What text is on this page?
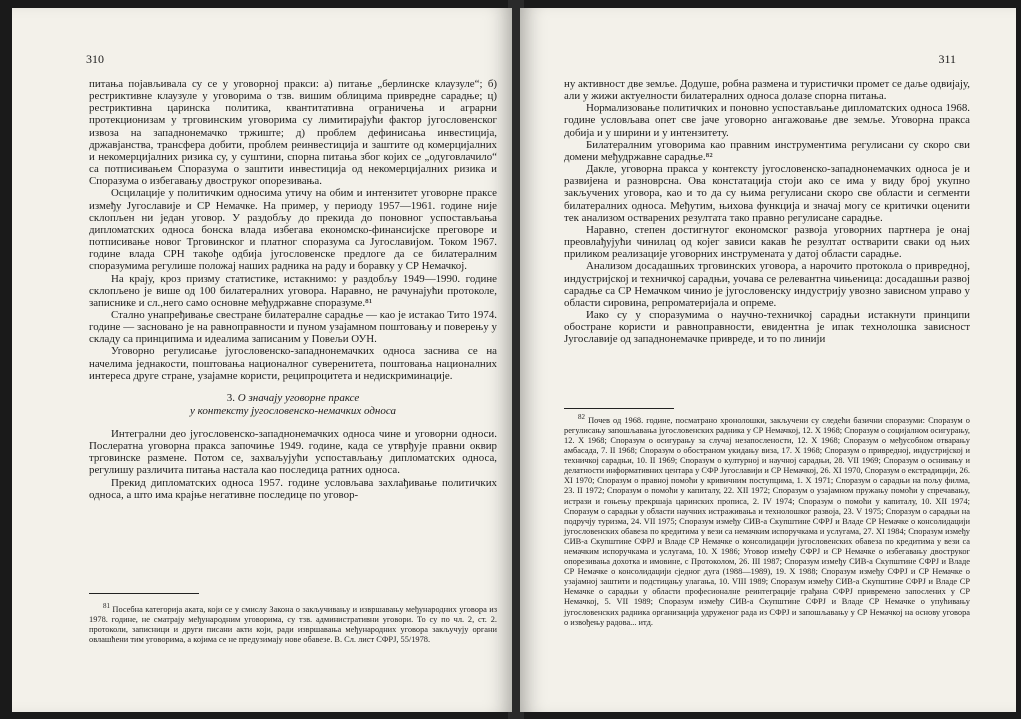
310

питања појављивала су се у уговорној пракси: а) питање „берлинске клаузуле“; б) рестриктивне клаузуле у уговорима о тзв. вишим облицима привредне сарадње; ц) рестриктивна царинска политика, квантитативна ограничења и аграрни протекционизам у трговинским уговорима су лимитирајући фактор југословенског извоза на западнонемачко тржиште; д) проблем дефинисања инвестиција, државјанства, трансфера добити, проблем реинвестиција и заштите од комерцијалних и некомерцијалних ризика су, у суштини, спорна питања због којих се „одуговлачило“ са потписивањем Споразума о заштити инвестиција од некомерцијалних ризика и Споразума о избегавању двоструког опорезивања.

Осцилације у политичким односима утичу на обим и интензитет уговорне праксе између Југославије и СР Немачке. На пример, у периоду 1957—1961. године није склопљен ни један уговор. У раздобљу до прекида до поновног успостављања дипломатских односа бонска влада избегава економско-финансијске преговоре и потписивање новог Трговинског и платног споразума са Југославијом. Током 1967. године влада СРН такође одбија југословенске предлоге да се билатералним споразумима регулише положај наших радника на раду и боравку у СР Немачкој.

На крају, кроз призму статистике, истакнимо: у раздобљу 1949—1990. године склопљено је више од 100 билатералних уговора. Наравно, не рачунајући протоколе, записнике и сл.,него само основне међудржавне споразуме.⁸¹

Стално унапређивање свестране билатералне сарадње — као је истакао Тито 1974. године — засновано је на равноправности и пуном узајамном поштовању и поверењу у складу са принципима и идеалима записаним у Повељи ОУН.

Уговорно регулисање југословенско-западнонемачких односа заснива се на начелима једнакости, поштовања националног суверенитета, поштовања националних интереса друге стране, узајамне користи, реципроцитета и недискриминације.

3. О значају уговорне праксе
у контексту југословенско-немачких односа

Интегрални део југословенско-западнонемачких односа чине и уговорни односи. Послератна уговорна пракса започиње 1949. године, када се утврђује правни оквир трговинске размене. Потом се, захваљујући успостављању дипломатских односа, регулишу различита питања настала као последица ратних односа.

Прекид дипломатских односа 1957. године условљава захлађивање политичких односа, а што има крајње негативне последице по уговор-

$^{81}$ Посебна категорија аката, који се у смислу Закона о закључивању и извршавању међународних уговора из 1978. године, не сматрају међународним уговорима, су тзв. административни уговори. То су по чл. 2, ст. 2. протоколи, записници и други писани акти који, ради извршавања међународних уговора закључују органи овлашћени тим уговорима, а којима се не предузимају нове обавезе. В. Сл. лист СФРЈ, 55/1978.

311

ну активност две земље. Додуше, робна размена и туристички промет се даље одвијају, али у жижи актуелности билатералних односа долазе спорна питања.

Нормализовање политичких и поновно успостављање дипломатских односа 1968. године условљава опет све јаче уговорно ангажовање две земље. Уговорна пракса добија и у ширини и у интензитету.

Билатералним уговорима као правним инструментима регулисани су скоро сви домени међудржавне сарадње.⁸²

Дакле, уговорна пракса у контексту југословенско-западнонемачких односа је и развијена и разноврсна. Ова констатација стоји ако се има у виду број укупно закључених уговора, као и то да су њима регулисани скоро све области и сегменти билатералних односа. Међутим, њихова функција и значај могу се критички оценити тек анализом остварених резултата тако правно регулисане сарадње.

Наравно, степен достигнутог економског развоја уговорних партнера је онај преовлађујући чинилац од којег зависи какав ће резултат остварити сваки од њих приликом реализације уговорних инструмената у датој области сарадње.

Анализом досадашњих трговинских уговора, а нарочито протокола о привредној, индустријској и техничкој сарадњи, уочава се релевантна чињеница: досадашњи развој сарадње са СР Немачком чинио је југословенску индустрију увозно зависном управо у области сировина, репроматеријала и опреме.

Иако су у споразумима о научно-техничкој сарадњи истакнути принципи обостране користи и равноправности, евидентна је ипак технолошка зависност Југославије од западнонемачке привреде, и то по линији

$^{82}$ Почев од 1968. године, посматрано хронолошки, закључени су следећи базични споразуми: Споразум о регулисању запошљавања југословенских радника у СР Немачкој, 12. X 1968; Споразум о социјалном осигурању, 12. X 1968; Споразум о осигурању за случај незапослености, 12. X 1968; Споразум о међусобном отварању амбасада, 7. II 1968; Споразум о обостраном укидању виза, 17. X 1968; Споразум о привредној, индустријској и техничкој сарадњи, 10. II 1969; Споразум о културној и научној сарадњи, 28. VII 1969; Споразум о оснивању и делатности информативних центара у СФР Југославији и СР Немачкој, 26. XI 1970, Споразум о екстрадицији, 26. XI 1970; Споразум о правној помоћи у кривичним поступцима, 1. X 1971; Споразум о сарадњи на пољу филма, 23. II 1972; Споразум о помоћи у капиталу, 22. XII 1972; Споразум о узајамном пружању помоћи у спречавању, истрази и гоњењу прекршаја царинских прописа, 2. IV 1974; Споразум о помоћи у капиталу, 10. XII 1974; Споразум о сарадњи у области научних истраживања и технолошког развоја, 23. V 1975; Споразум о сарадњи на подручју туризма, 24. VII 1975; Споразум између СИВ-а Скупштине СФРЈ и Владе СР Немачке о консолидацији југословенских обавеза по кредитима у вези са немачким испоручкама и услугама, 27. XI 1984; Споразум између СИВ-а Скупштине СФРЈ и Владе СР Немачке о консолидацији југословенских обавеза по кредитима у вези са немачким испоручкама и услугама, 10. X 1986; Уговор између СФРЈ и СР Немачке о избегавању двоструког опорезивања дохотка и имовине, с Протоколом, 26. III 1987; Споразум између СИВ-а Скупштине СФРЈ и Владе СР Немачке о консолидацији сједног дуга (1988—1989), 19. X 1988; Споразум између СФРЈ и СР Немачке о узајамној заштити и подстицању улагања, 10. VIII 1989; Споразум између СИВ-а Скупштине СФРЈ и Владе СР Немачке о сарадњи у области професионалне реинтеграције грађана СФРЈ привремено запослених у СР Немачкој, 5. VII 1989; Споразум између СИВ-а Скупштине СФРЈ и Владе СР Немачке о упућивању југословенских радника организација удруженог рада из СФРЈ и запошљавању у СР Немачкој на основу уговора о извођењу радова... итд.
